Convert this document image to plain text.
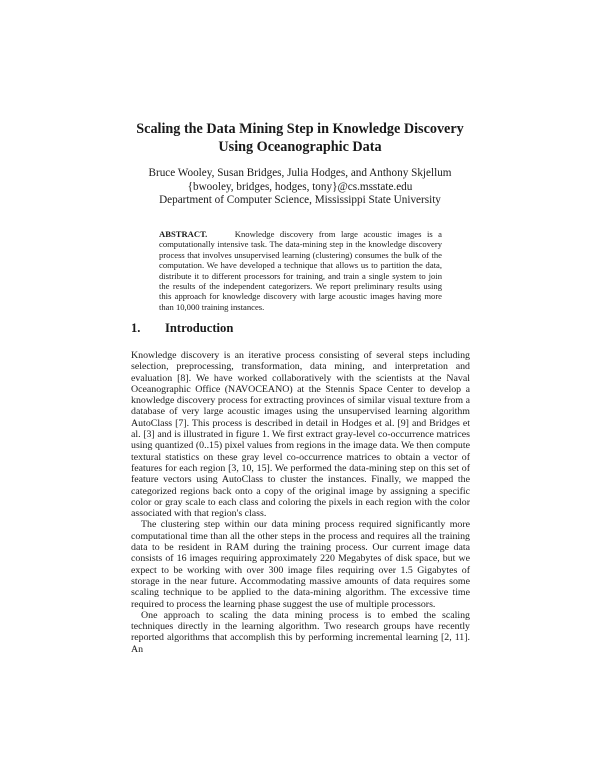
Scaling the Data Mining Step in Knowledge Discovery
Using Oceanographic Data
Bruce Wooley, Susan Bridges, Julia Hodges, and Anthony Skjellum
{bwooley, bridges, hodges, tony}@cs.msstate.edu
Department of Computer Science, Mississippi State University
ABSTRACT.	Knowledge discovery from large acoustic images is a computationally intensive task. The data-mining step in the knowledge discovery process that involves unsupervised learning (clustering) consumes the bulk of the computation. We have developed a technique that allows us to partition the data, distribute it to different processors for training, and train a single system to join the results of the independent categorizers. We report preliminary results using this approach for knowledge discovery with large acoustic images having more than 10,000 training instances.
1. Introduction

Knowledge discovery is an iterative process consisting of several steps including selection, preprocessing, transformation, data mining, and interpretation and evaluation [8]. We have worked collaboratively with the scientists at the Naval Oceanographic Office (NAVOCEANO) at the Stennis Space Center to develop a knowledge discovery process for extracting provinces of similar visual texture from a database of very large acoustic images using the unsupervised learning algorithm AutoClass [7]. This process is described in detail in Hodges et al. [9] and Bridges et al. [3] and is illustrated in figure 1. We first extract gray-level co-occurrence matrices using quantized (0..15) pixel values from regions in the image data. We then compute textural statistics on these gray level co-occurrence matrices to obtain a vector of features for each region [3, 10, 15]. We performed the data-mining step on this set of feature vectors using AutoClass to cluster the instances. Finally, we mapped the categorized regions back onto a copy of the original image by assigning a specific color or gray scale to each class and coloring the pixels in each region with the color associated with that region's class.

The clustering step within our data mining process required significantly more computational time than all the other steps in the process and requires all the training data to be resident in RAM during the training process. Our current image data consists of 16 images requiring approximately 220 Megabytes of disk space, but we expect to be working with over 300 image files requiring over 1.5 Gigabytes of storage in the near future. Accommodating massive amounts of data requires some scaling technique to be applied to the data-mining algorithm. The excessive time required to process the learning phase suggest the use of multiple processors.

One approach to scaling the data mining process is to embed the scaling techniques directly in the learning algorithm. Two research groups have recently reported algorithms that accomplish this by performing incremental learning [2, 11]. An
